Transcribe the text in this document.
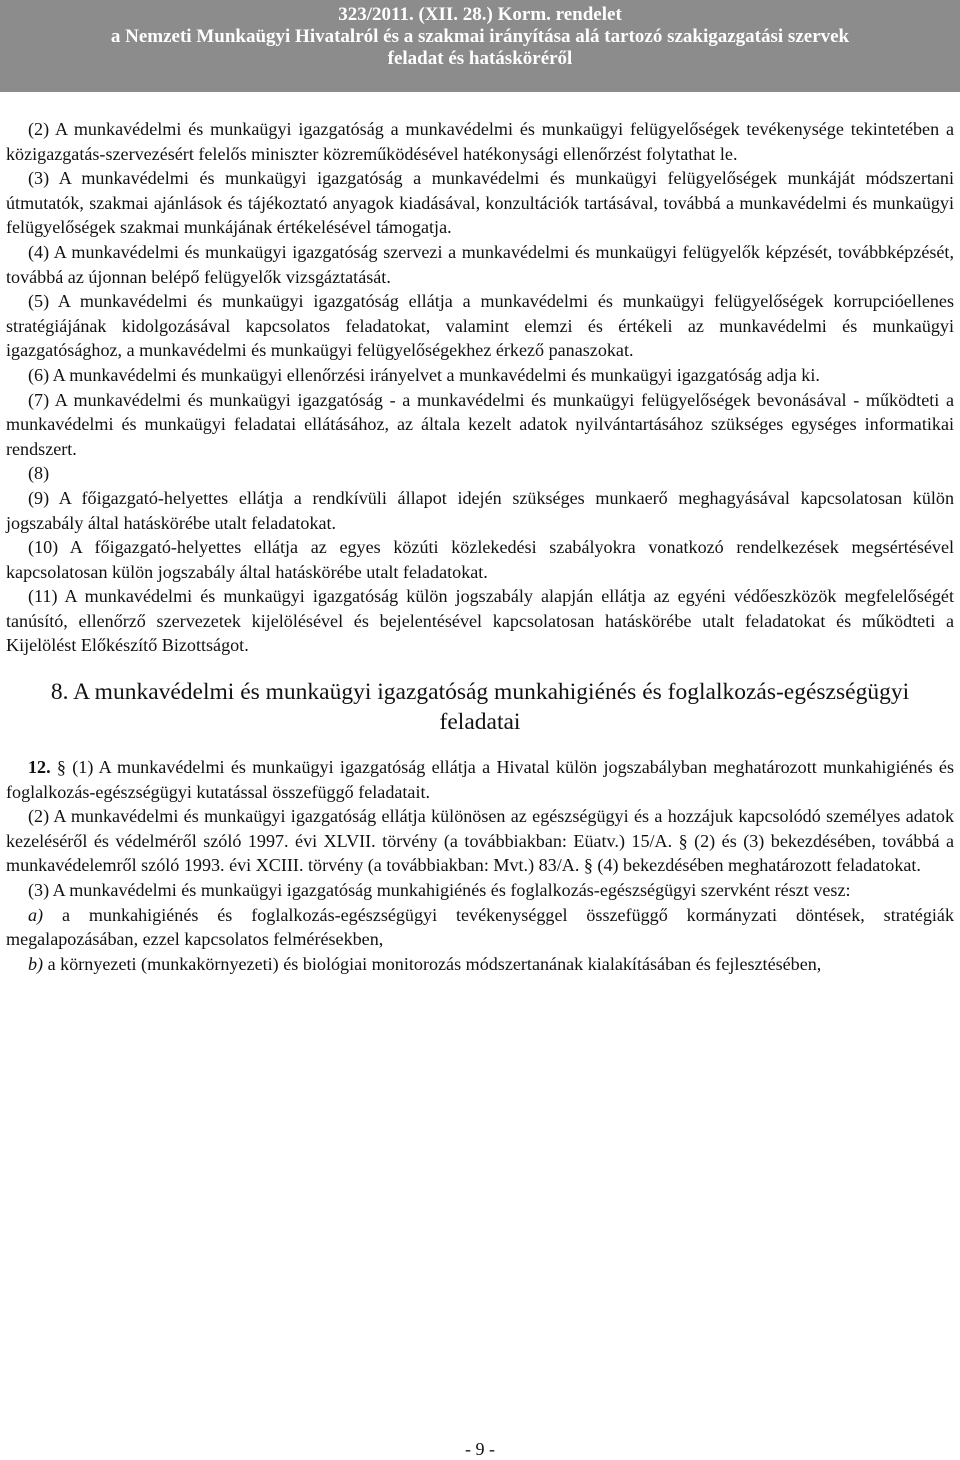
323/2011. (XII. 28.) Korm. rendelet
a Nemzeti Munkaügyi Hivatalról és a szakmai irányítása alá tartozó szakigazgatási szervek
feladat és hatásköréről

(2) A munkavédelmi és munkaügyi igazgatóság a munkavédelmi és munkaügyi felügyelőségek tevékenysége tekintetében a közigazgatás-szervezésért felelős miniszter közreműködésével hatékonysági ellenőrzést folytathat le.

(3) A munkavédelmi és munkaügyi igazgatóság a munkavédelmi és munkaügyi felügyelőségek munkáját módszertani útmutatók, szakmai ajánlások és tájékoztató anyagok kiadásával, konzultációk tartásával, továbbá a munkavédelmi és munkaügyi felügyelőségek szakmai munkájának értékelésével támogatja.

(4) A munkavédelmi és munkaügyi igazgatóság szervezi a munkavédelmi és munkaügyi felügyelők képzését, továbbképzését, továbbá az újonnan belépő felügyelők vizsgáztatását.

(5) A munkavédelmi és munkaügyi igazgatóság ellátja a munkavédelmi és munkaügyi felügyelőségek korrupcióellenes stratégiájának kidolgozásával kapcsolatos feladatokat, valamint elemzi és értékeli az munkavédelmi és munkaügyi igazgatósághoz, a munkavédelmi és munkaügyi felügyelőségekhez érkező panaszokat.

(6) A munkavédelmi és munkaügyi ellenőrzési irányelvet a munkavédelmi és munkaügyi igazgatóság adja ki.

(7) A munkavédelmi és munkaügyi igazgatóság - a munkavédelmi és munkaügyi felügyelőségek bevonásával - működteti a munkavédelmi és munkaügyi feladatai ellátásához, az általa kezelt adatok nyilvántartásához szükséges egységes informatikai rendszert.

(8)

(9) A főigazgató-helyettes ellátja a rendkívüli állapot idején szükséges munkaerő meghagyásával kapcsolatosan külön jogszabály által hatáskörébe utalt feladatokat.

(10) A főigazgató-helyettes ellátja az egyes közúti közlekedési szabályokra vonatkozó rendelkezések megsértésével kapcsolatosan külön jogszabály által hatáskörébe utalt feladatokat.

(11) A munkavédelmi és munkaügyi igazgatóság külön jogszabály alapján ellátja az egyéni védőeszközök megfelelőségét tanúsító, ellenőrző szervezetek kijelölésével és bejelentésével kapcsolatosan hatáskörébe utalt feladatokat és működteti a Kijelölést Előkészítő Bizottságot.

8. A munkavédelmi és munkaügyi igazgatóság munkahigiénés és foglalkozás-egészségügyi feladatai

12. § (1) A munkavédelmi és munkaügyi igazgatóság ellátja a Hivatal külön jogszabályban meghatározott munkahigiénés és foglalkozás-egészségügyi kutatással összefüggő feladatait.

(2) A munkavédelmi és munkaügyi igazgatóság ellátja különösen az egészségügyi és a hozzájuk kapcsolódó személyes adatok kezeléséről és védelméről szóló 1997. évi XLVII. törvény (a továbbiakban: Eüatv.) 15/A. § (2) és (3) bekezdésében, továbbá a munkavédelemről szóló 1993. évi XCIII. törvény (a továbbiakban: Mvt.) 83/A. § (4) bekezdésében meghatározott feladatokat.

(3) A munkavédelmi és munkaügyi igazgatóság munkahigiénés és foglalkozás-egészségügyi szervként részt vesz:

a) a munkahigiénés és foglalkozás-egészségügyi tevékenységgel összefüggő kormányzati döntések, stratégiák megalapozásában, ezzel kapcsolatos felmérésekben,

b) a környezeti (munkakörnyezeti) és biológiai monitorozás módszertanának kialakításában és fejlesztésében,

- 9 -
